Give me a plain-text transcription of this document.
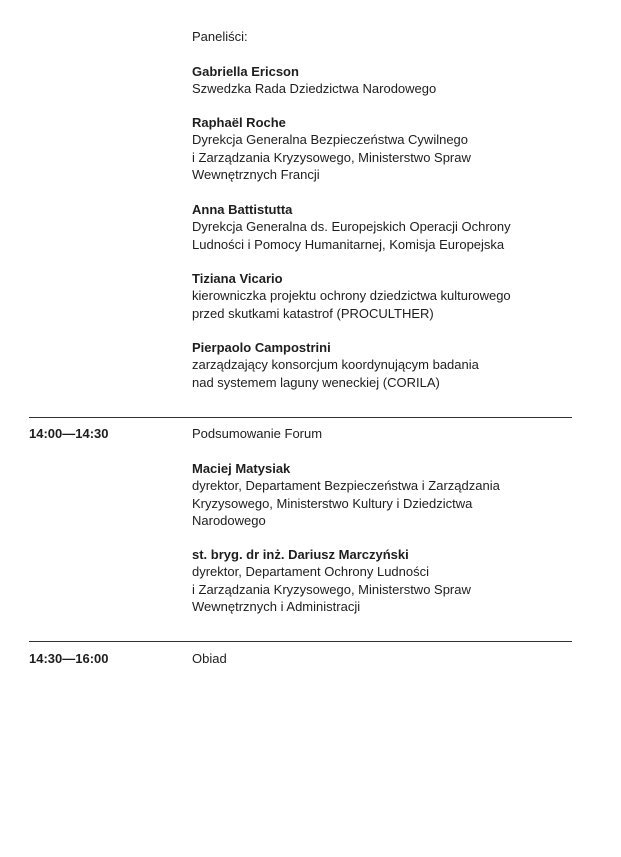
Paneliści:
Gabriella Ericson
Szwedzka Rada Dziedzictwa Narodowego
Raphaël Roche
Dyrekcja Generalna Bezpieczeństwa Cywilnego
i Zarządzania Kryzysowego, Ministerstwo Spraw
Wewnętrznych Francji
Anna Battistutta
Dyrekcja Generalna ds. Europejskich Operacji Ochrony
Ludności i Pomocy Humanitarnej, Komisja Europejska
Tiziana Vicario
kierowniczka projektu ochrony dziedzictwa kulturowego
przed skutkami katastrof (PROCULTHER)
Pierpaolo Campostrini
zarządzający konsorcjum koordynującym badania
nad systemem laguny weneckiej (CORILA)
14:00—14:30	Podsumowanie Forum
Maciej Matysiak
dyrektor, Departament Bezpieczeństwa i Zarządzania
Kryzysowego, Ministerstwo Kultury i Dziedzictwa
Narodowego
st. bryg. dr inż. Dariusz Marczyński
dyrektor, Departament Ochrony Ludności
i Zarządzania Kryzysowego, Ministerstwo Spraw
Wewnętrznych i Administracji
14:30—16:00	Obiad
